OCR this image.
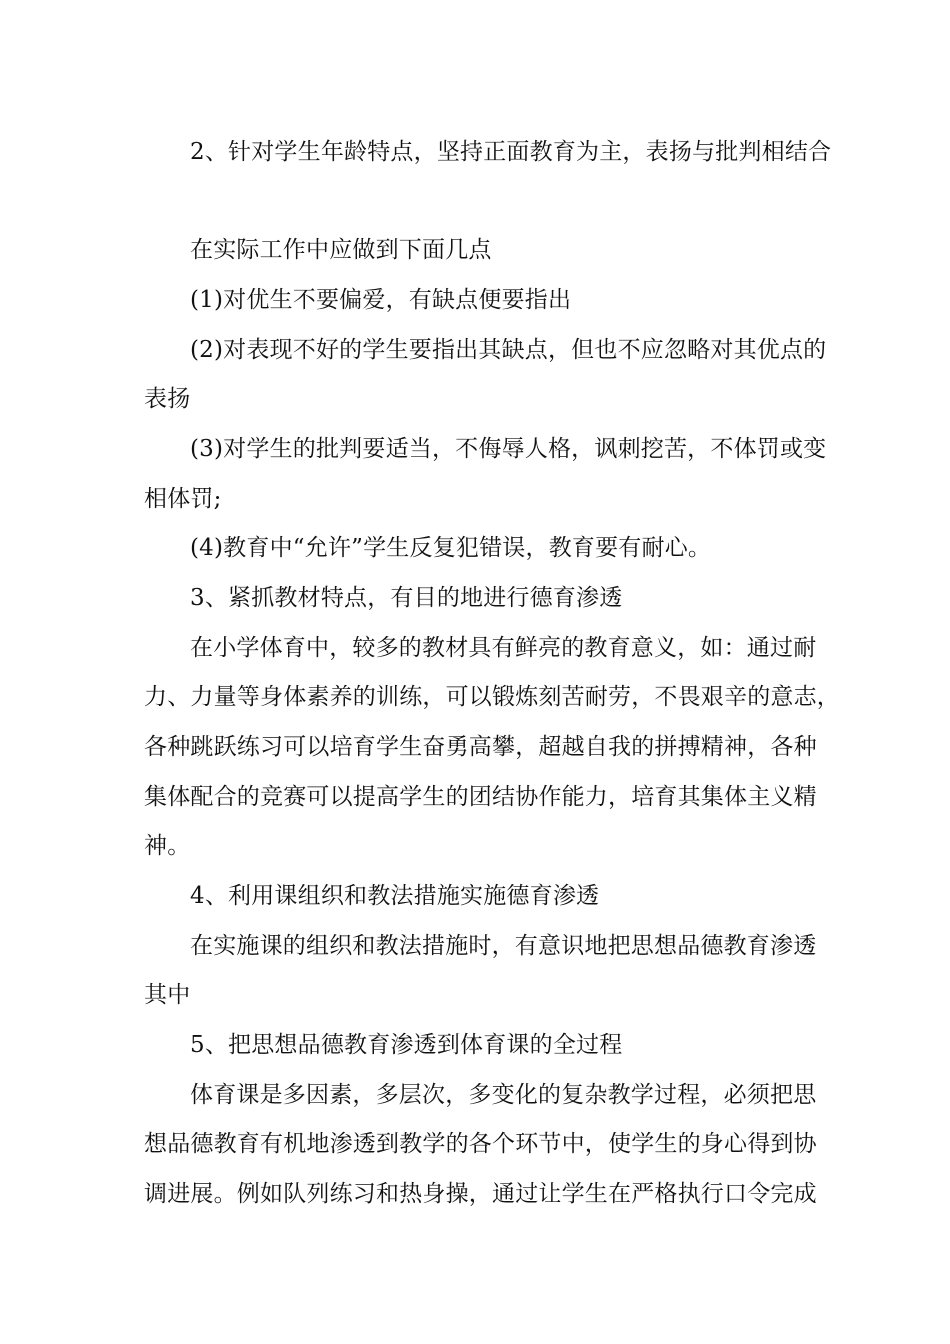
2、针对学生年龄特点，坚持正面教育为主，表扬与批判相结合
在实际工作中应做到下面几点
(1)对优生不要偏爱，有缺点便要指出
(2)对表现不好的学生要指出其缺点，但也不应忽略对其优点的
表扬
(3)对学生的批判要适当，不侮辱人格，讽刺挖苦，不体罚或变
相体罚;
(4)教育中“允许”学生反复犯错误，教育要有耐心。
3、紧抓教材特点，有目的地进行德育渗透
在小学体育中，较多的教材具有鲜亮的教育意义，如：通过耐
力、力量等身体素养的训练，可以锻炼刻苦耐劳，不畏艰辛的意志，
各种跳跃练习可以培育学生奋勇高攀，超越自我的拼搏精神，各种
集体配合的竞赛可以提高学生的团结协作能力，培育其集体主义精
神。
4、利用课组织和教法措施实施德育渗透
在实施课的组织和教法措施时，有意识地把思想品德教育渗透
其中
5、把思想品德教育渗透到体育课的全过程
体育课是多因素，多层次，多变化的复杂教学过程，必须把思
想品德教育有机地渗透到教学的各个环节中，使学生的身心得到协
调进展。例如队列练习和热身操，通过让学生在严格执行口令完成
